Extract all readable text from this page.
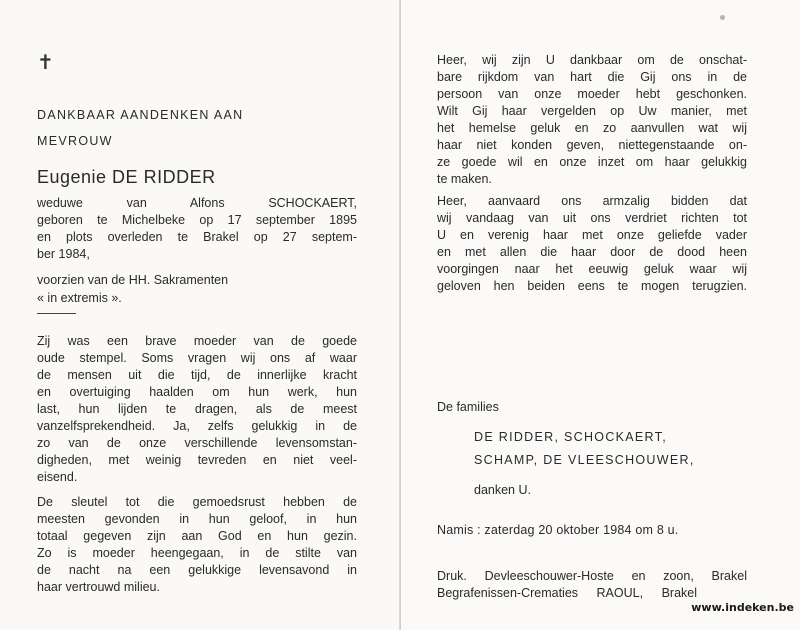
✝
DANKBAAR AANDENKEN AAN
MEVROUW
Eugenie DE RIDDER
weduwe van Alfons SCHOCKAERT,
geboren te Michelbeke op 17 september 1895
en plots overleden te Brakel op 27 septem-
ber 1984,
voorzien van de HH. Sakramenten
« in extremis ».
Zij was een brave moeder van de goede
oude stempel. Soms vragen wij ons af waar
de mensen uit die tijd, de innerlijke kracht
en overtuiging haalden om hun werk, hun
last, hun lijden te dragen, als de meest
vanzelfsprekendheid. Ja, zelfs gelukkig in de
zo van de onze verschillende levensomstan-
digheden, met weinig tevreden en niet veel-
eisend.
De sleutel tot die gemoedsrust hebben de
meesten gevonden in hun geloof, in hun
totaal gegeven zijn aan God en hun gezin.
Zo is moeder heengegaan, in de stilte van
de nacht na een gelukkige levensavond in
haar vertrouwd milieu.
Heer, wij zijn U dankbaar om de onschat-
bare rijkdom van hart die Gij ons in de
persoon van onze moeder hebt geschonken.
Wilt Gij haar vergelden op Uw manier, met
het hemelse geluk en zo aanvullen wat wij
haar niet konden geven, niettegenstaande on-
ze goede wil en onze inzet om haar gelukkig
te maken.
Heer, aanvaard ons armzalig bidden dat
wij vandaag van uit ons verdriet richten tot
U en verenig haar met onze geliefde vader
en met allen die haar door de dood heen
voorgingen naar het eeuwig geluk waar wij
geloven hen beiden eens te mogen terugzien.
De families
DE RIDDER, SCHOCKAERT,
SCHAMP, DE VLEESCHOUWER,
danken U.
Namis : zaterdag 20 oktober 1984 om 8 u.
Druk. Devleeschouwer-Hoste en zoon, Brakel
Begrafenissen-Crematies RAOUL, Brakel
www.indeken.be
